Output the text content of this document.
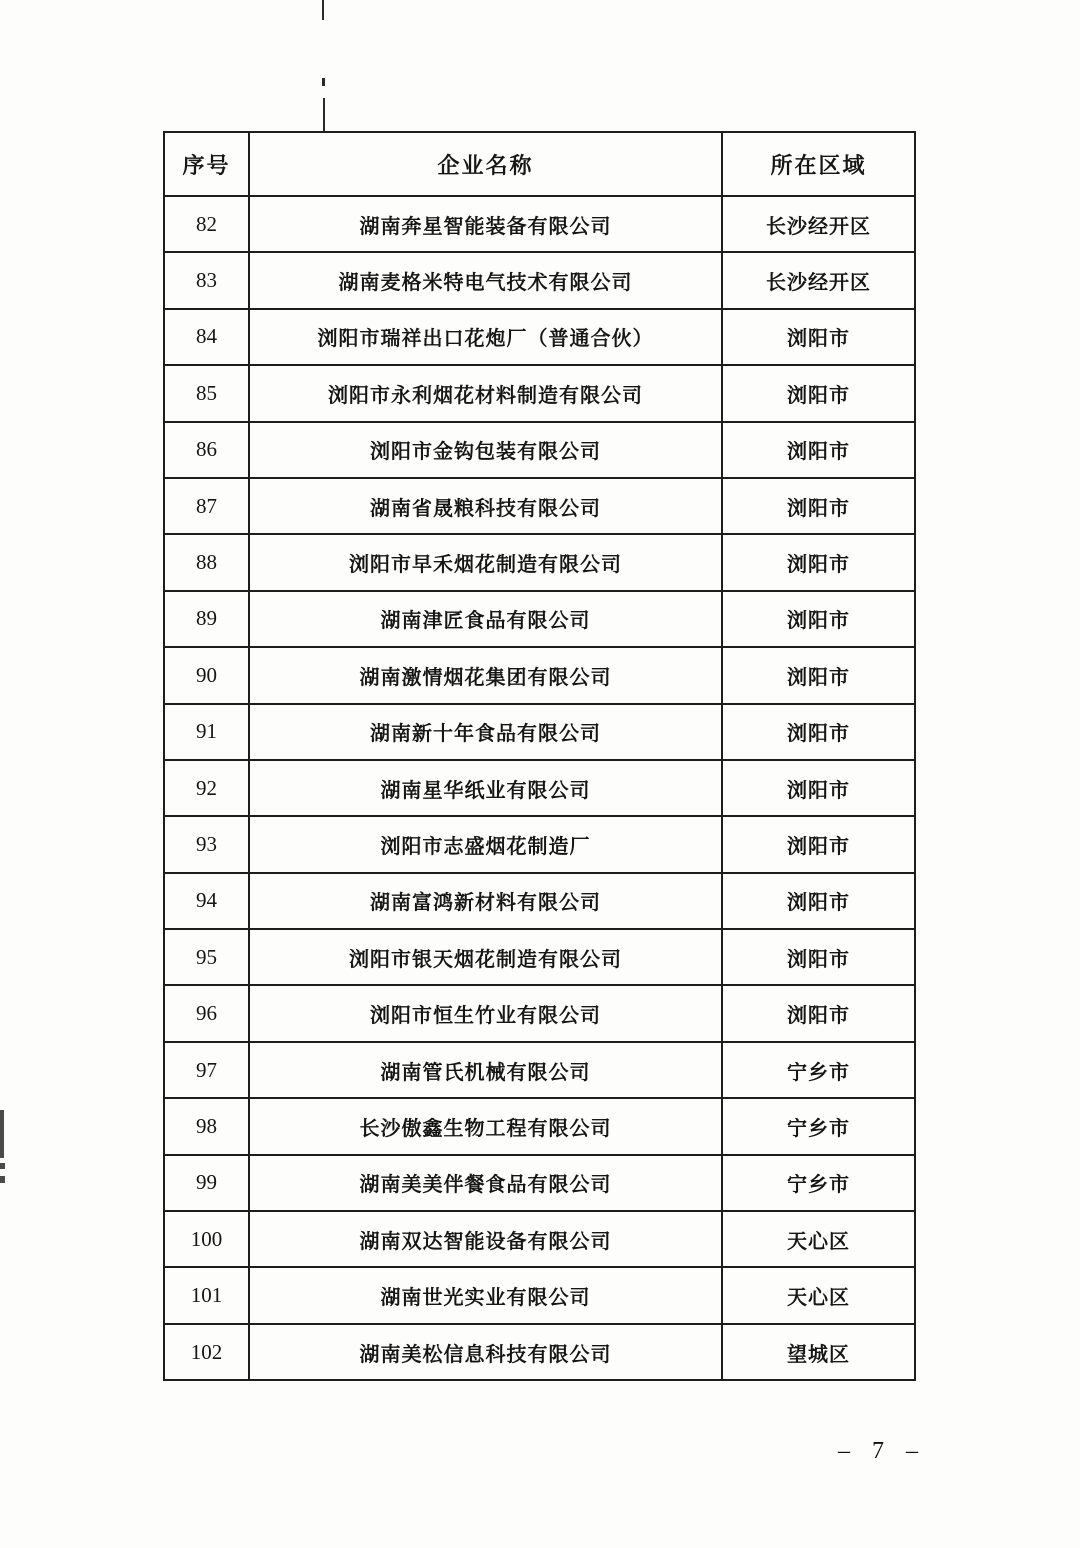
序号	企业名称	所在区域
82	湖南奔星智能装备有限公司	长沙经开区
83	湖南麦格米特电气技术有限公司	长沙经开区
84	浏阳市瑞祥出口花炮厂（普通合伙）	浏阳市
85	浏阳市永利烟花材料制造有限公司	浏阳市
86	浏阳市金钩包装有限公司	浏阳市
87	湖南省晟粮科技有限公司	浏阳市
88	浏阳市早禾烟花制造有限公司	浏阳市
89	湖南津匠食品有限公司	浏阳市
90	湖南激情烟花集团有限公司	浏阳市
91	湖南新十年食品有限公司	浏阳市
92	湖南星华纸业有限公司	浏阳市
93	浏阳市志盛烟花制造厂	浏阳市
94	湖南富鸿新材料有限公司	浏阳市
95	浏阳市银天烟花制造有限公司	浏阳市
96	浏阳市恒生竹业有限公司	浏阳市
97	湖南管氏机械有限公司	宁乡市
98	长沙傲鑫生物工程有限公司	宁乡市
99	湖南美美伴餐食品有限公司	宁乡市
100	湖南双达智能设备有限公司	天心区
101	湖南世光实业有限公司	天心区
102	湖南美松信息科技有限公司	望城区
– 7 –
